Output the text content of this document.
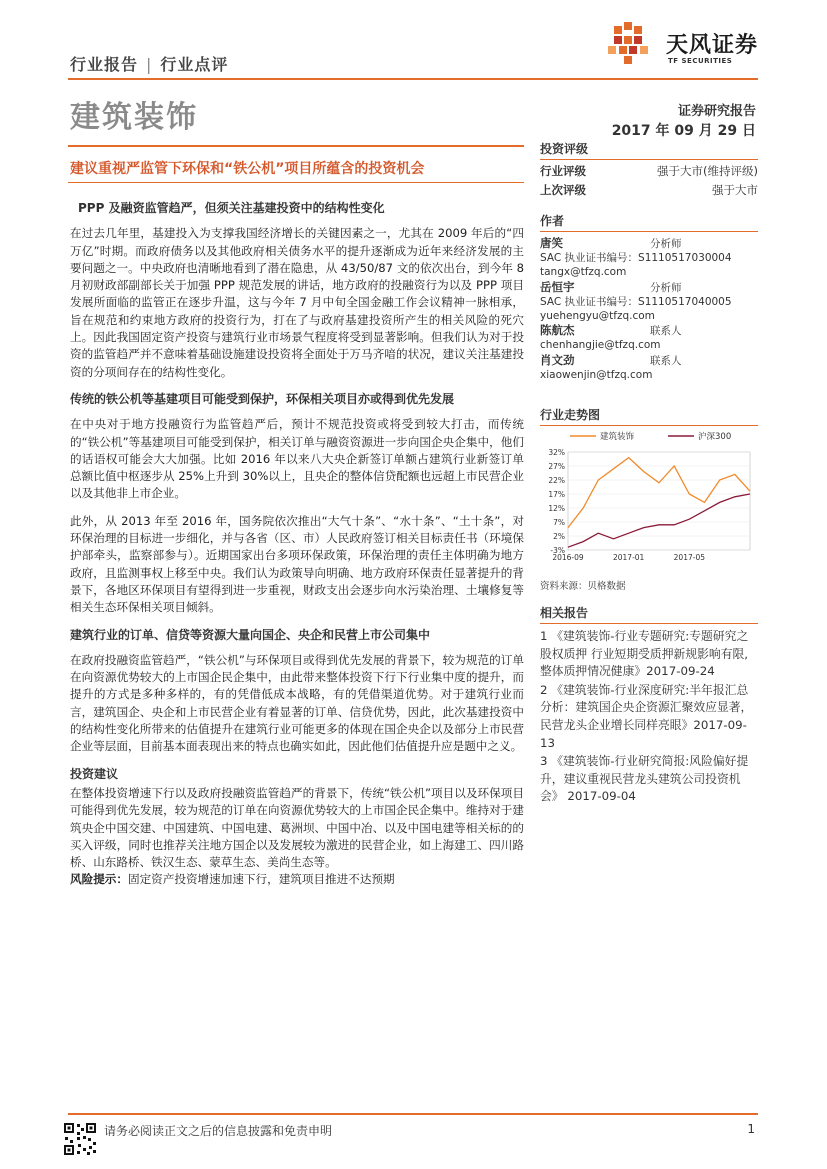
行业报告 | 行业点评
天风证券
TF SECURITIES
建筑装饰	证券研究报告
2017 年 09 月 29 日
建议重视严监管下环保和“铁公机”项目所蕴含的投资机会
PPP 及融资监管趋严，但须关注基建投资中的结构性变化

在过去几年里，基建投入为支撑我国经济增长的关键因素之一，尤其在 2009 年后的“四万亿”时期。而政府债务以及其他政府相关债务水平的提升逐渐成为近年来经济发展的主要问题之一。中央政府也清晰地看到了潜在隐患，从 43/50/87 文的依次出台，到今年 8 月初财政部副部长关于加强 PPP 规范发展的讲话，地方政府的投融资行为以及 PPP 项目发展所面临的监管正在逐步升温，这与今年 7 月中旬全国金融工作会议精神一脉相承，旨在规范和约束地方政府的投资行为，打在了与政府基建投资所产生的相关风险的死穴上。因此我国固定资产投资与建筑行业市场景气程度将受到显著影响。但我们认为对于投资的监管趋严并不意味着基础设施建设投资将全面处于万马齐喑的状况，建议关注基建投资的分项间存在的结构性变化。

传统的铁公机等基建项目可能受到保护，环保相关项目亦或得到优先发展

在中央对于地方投融资行为监管趋严后，预计不规范投资或将受到较大打击，而传统的“铁公机”等基建项目可能受到保护，相关订单与融资资源进一步向国企央企集中，他们的话语权可能会大大加强。比如 2016 年以来八大央企新签订单额占建筑行业新签订单总额比值中枢逐步从 25%上升到 30%以上，且央企的整体信贷配额也远超上市民营企业以及其他非上市企业。

此外，从 2013 年至 2016 年，国务院依次推出“大气十条”、“水十条”、“土十条”，对环保治理的目标进一步细化，并与各省（区、市）人民政府签订相关目标责任书（环境保护部牵头，监察部参与）。近期国家出台多项环保政策，环保治理的责任主体明确为地方政府，且监测事权上移至中央。我们认为政策导向明确、地方政府环保责任显著提升的背景下，各地区环保项目有望得到进一步重视，财政支出会逐步向水污染治理、土壤修复等相关生态环保相关项目倾斜。

建筑行业的订单、信贷等资源大量向国企、央企和民营上市公司集中

在政府投融资监管趋严，“铁公机”与环保项目或得到优先发展的背景下，较为规范的订单在向资源优势较大的上市国企民企集中，由此带来整体投资下行下行业集中度的提升，而提升的方式是多种多样的，有的凭借低成本战略，有的凭借渠道优势。对于建筑行业而言，建筑国企、央企和上市民营企业有着显著的订单、信贷优势，因此，此次基建投资中的结构性变化所带来的估值提升在建筑行业可能更多的体现在国企央企以及部分上市民营企业等层面，目前基本面表现出来的特点也确实如此，因此他们估值提升应是题中之义。

投资建议

在整体投资增速下行以及政府投融资监管趋严的背景下，传统“铁公机”项目以及环保项目可能得到优先发展，较为规范的订单在向资源优势较大的上市国企民企集中。维持对于建筑央企中国交建、中国建筑、中国电建、葛洲坝、中国中冶、以及中国电建等相关标的的买入评级，同时也推荐关注地方国企以及发展较为激进的民营企业，如上海建工、四川路桥、山东路桥、铁汉生态、蒙草生态、美尚生态等。

风险提示：固定资产投资增速加速下行，建筑项目推进不达预期

投资评级
行业评级	强于大市(维持评级)
上次评级	强于大市
作者
唐笑	分析师
SAC 执业证书编号：S1110517030004
tangx@tfzq.com
岳恒宇	分析师
SAC 执业证书编号：S1110517040005
yuehengyu@tfzq.com
陈航杰	联系人
chenhangjie@tfzq.com
肖文劲	联系人
xiaowenjin@tfzq.com
行业走势图
-3%
2%
7%
12%
17%
22%
27%
32%
2016-09	2017-01	2017-05
建筑装饰	沪深300
资料来源：贝格数据
相关报告
1 《建筑装饰-行业专题研究:专题研究之股权质押 行业短期受质押新规影响有限,整体质押情况健康》2017-09-24
2 《建筑装饰-行业深度研究:半年报汇总分析：建筑国企央企资源汇聚效应显著，民营龙头企业增长同样亮眼》2017-09-13
3 《建筑装饰-行业研究简报:风险偏好提升，建议重视民营龙头建筑公司投资机会》 2017-09-04
请务必阅读正文之后的信息披露和免责申明	1
